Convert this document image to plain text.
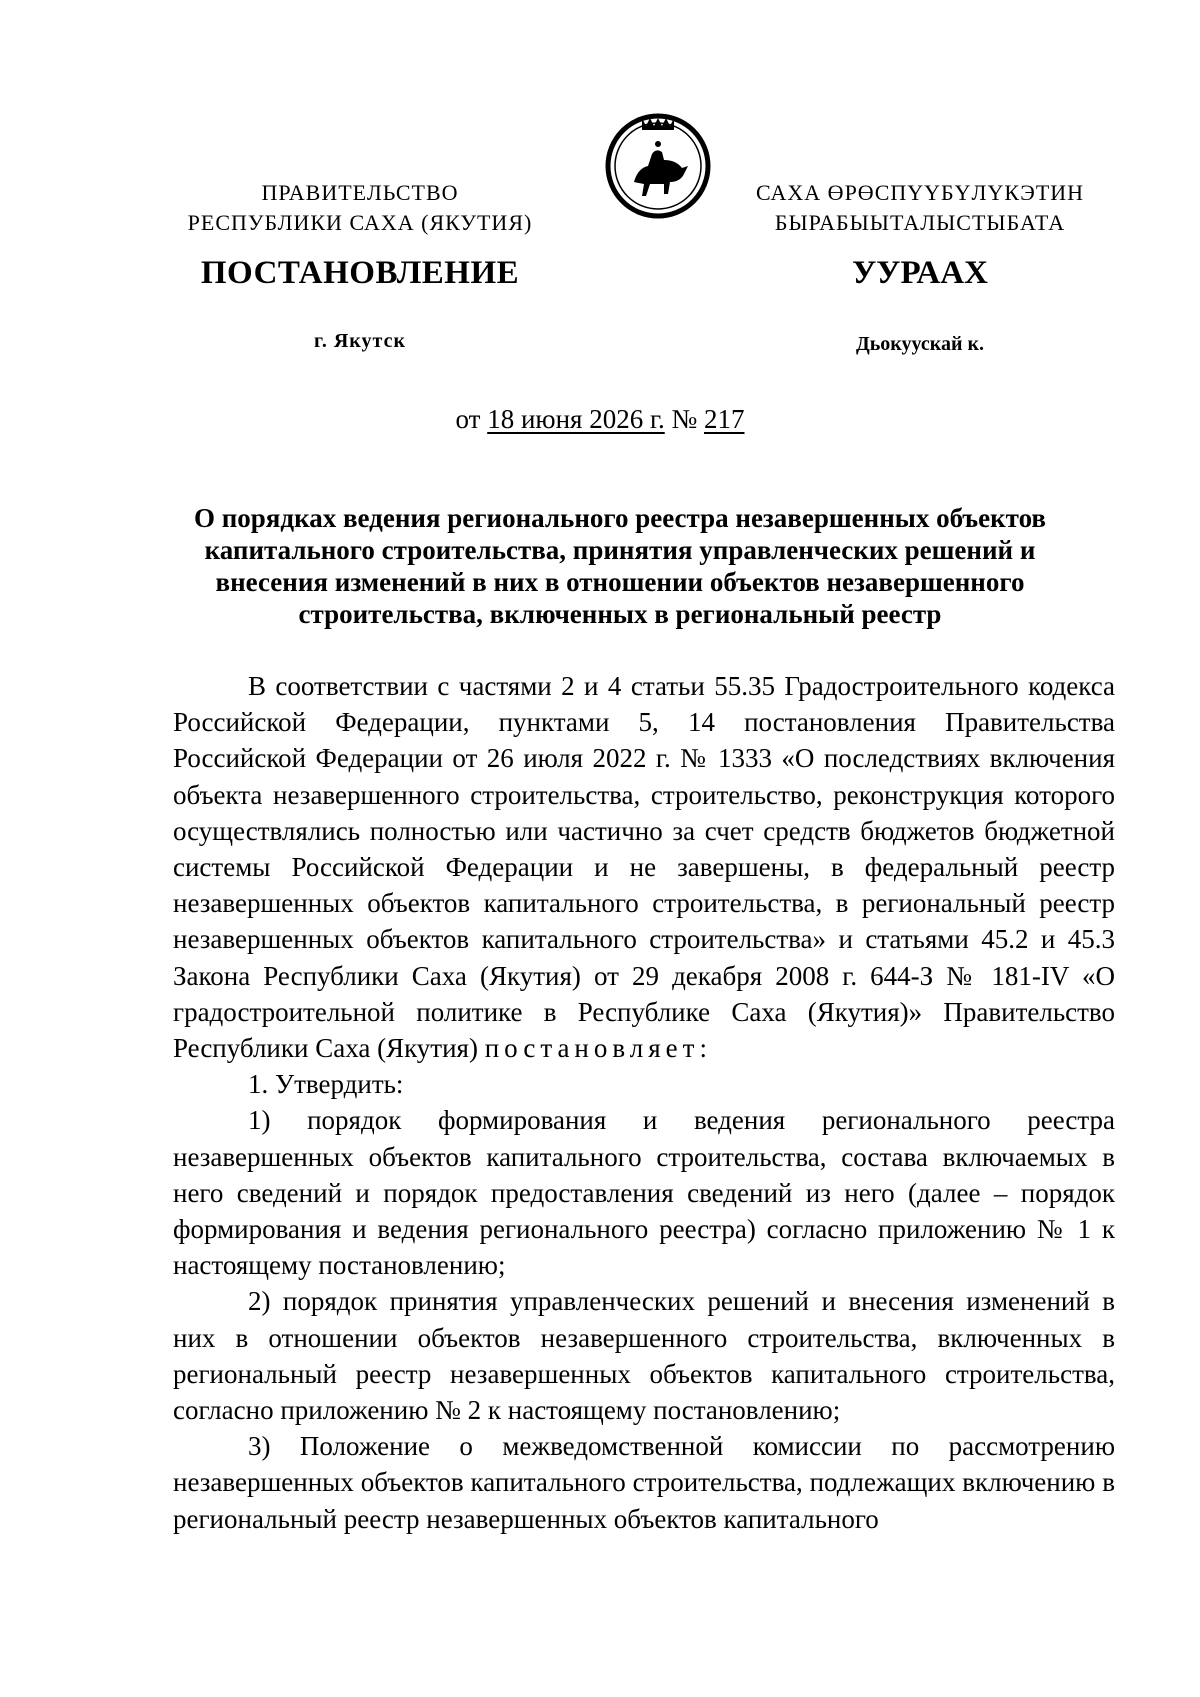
ПРАВИТЕЛЬСТВО
РЕСПУБЛИКИ САХА (ЯКУТИЯ)
САХА ӨРӨСПҮҮБҮЛҮКЭТИН
БЫРАБЫЫТАЛЫСТЫБАТА
ПОСТАНОВЛЕНИЕ	УУРААХ
г. Якутск	Дьокуускай к.
от 18 июня 2026 г. № 217
О порядках ведения регионального реестра незавершенных объектов капитального строительства, принятия управленческих решений и внесения изменений в них в отношении объектов незавершенного строительства, включенных в региональный реестр

В соответствии с частями 2 и 4 статьи 55.35 Градостроительного кодекса Российской Федерации, пунктами 5, 14 постановления Правительства Российской Федерации от 26 июля 2022 г. № 1333 «О последствиях включения объекта незавершенного строительства, строительство, реконструкция которого осуществлялись полностью или частично за счет средств бюджетов бюджетной системы Российской Федерации и не завершены, в федеральный реестр незавершенных объектов капитального строительства, в региональный реестр незавершенных объектов капитального строительства» и статьями 45.2 и 45.3 Закона Республики Саха (Якутия) от 29 декабря 2008 г. 644-З № 181-IV «О градостроительной политике в Республике Саха (Якутия)» Правительство Республики Саха (Якутия) постановляет:

1. Утвердить:

1) порядок формирования и ведения регионального реестра незавершенных объектов капитального строительства, состава включаемых в него сведений и порядок предоставления сведений из него (далее – порядок формирования и ведения регионального реестра) согласно приложению № 1 к настоящему постановлению;

2) порядок принятия управленческих решений и внесения изменений в них в отношении объектов незавершенного строительства, включенных в региональный реестр незавершенных объектов капитального строительства, согласно приложению № 2 к настоящему постановлению;

3) Положение о межведомственной комиссии по рассмотрению незавершенных объектов капитального строительства, подлежащих включению в региональный реестр незавершенных объектов капитального
